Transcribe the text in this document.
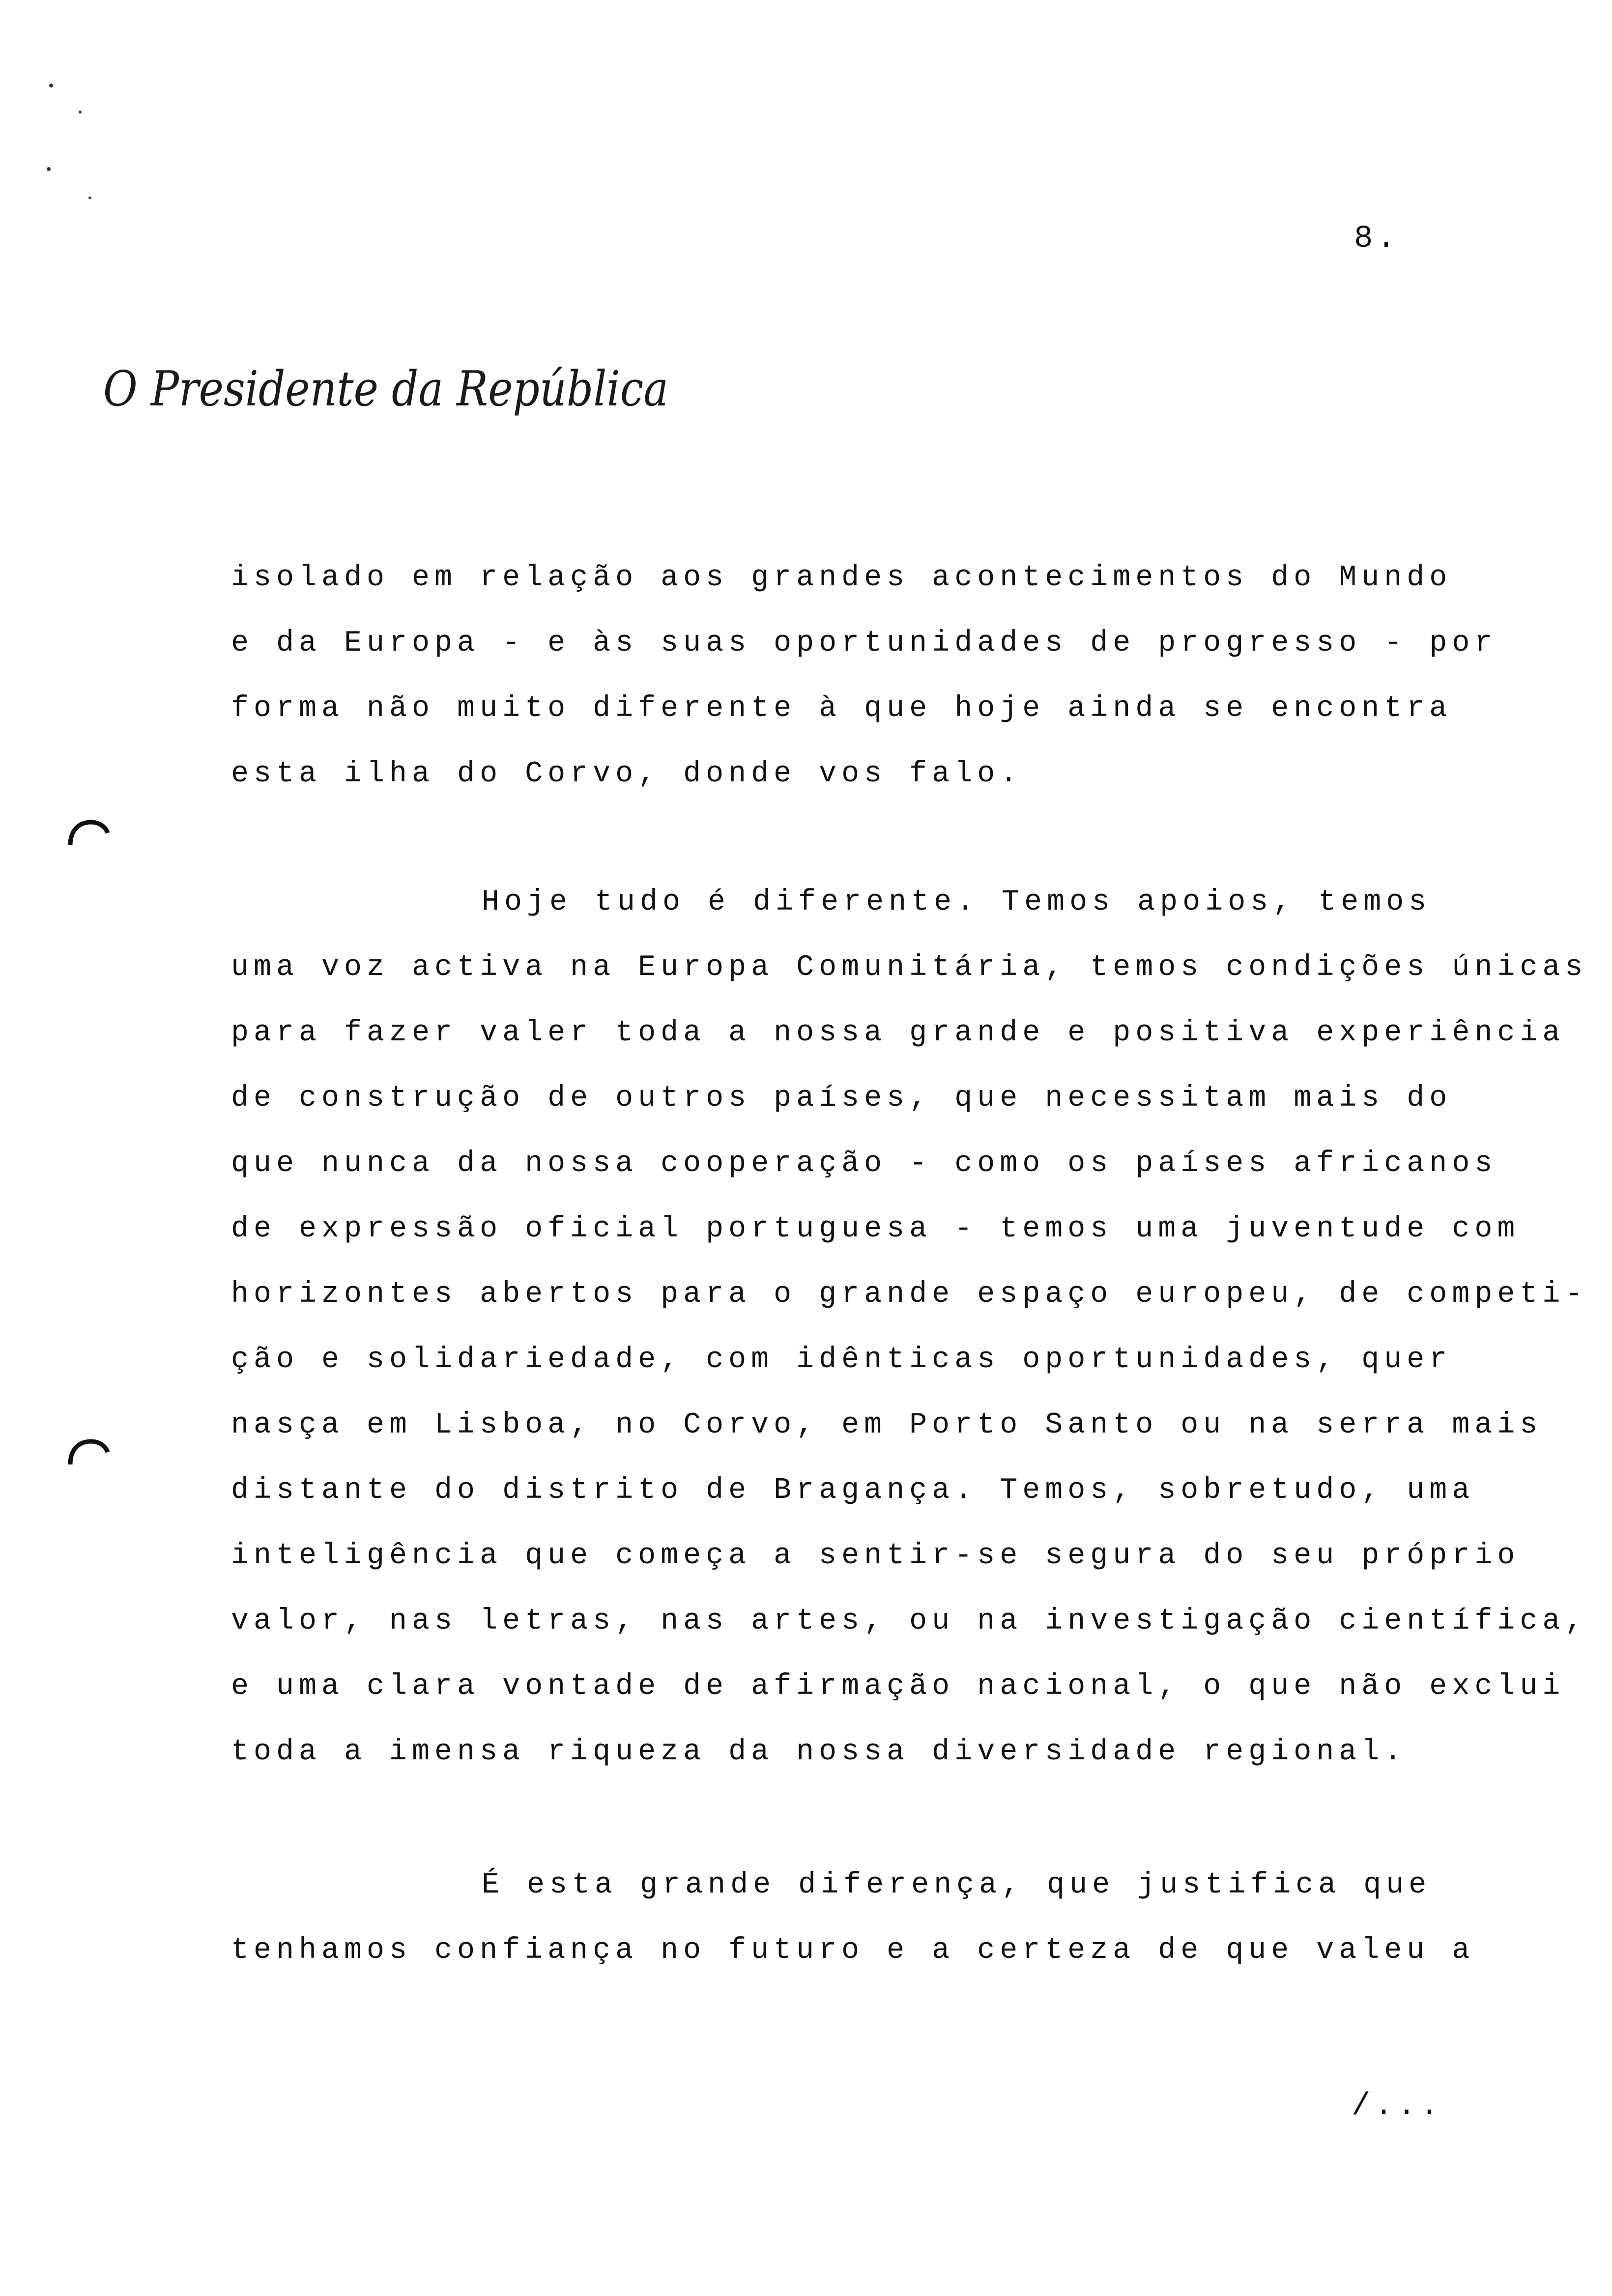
8.
O Presidente da República
isolado em relação aos grandes acontecimentos do Mundo
e da Europa - e às suas oportunidades de progresso - por
forma não muito diferente à que hoje ainda se encontra
esta ilha do Corvo, donde vos falo.
Hoje tudo é diferente. Temos apoios, temos
uma voz activa na Europa Comunitária, temos condições únicas
para fazer valer toda a nossa grande e positiva experiência
de construção de outros países, que necessitam mais do
que nunca da nossa cooperação - como os países africanos
de expressão oficial portuguesa - temos uma juventude com
horizontes abertos para o grande espaço europeu, de competi-
ção e solidariedade, com idênticas oportunidades, quer
nasça em Lisboa, no Corvo, em Porto Santo ou na serra mais
distante do distrito de Bragança. Temos, sobretudo, uma
inteligência que começa a sentir-se segura do seu próprio
valor, nas letras, nas artes, ou na investigação científica,
e uma clara vontade de afirmação nacional, o que não exclui
toda a imensa riqueza da nossa diversidade regional.
É esta grande diferença, que justifica que
tenhamos confiança no futuro e a certeza de que valeu a
/...
